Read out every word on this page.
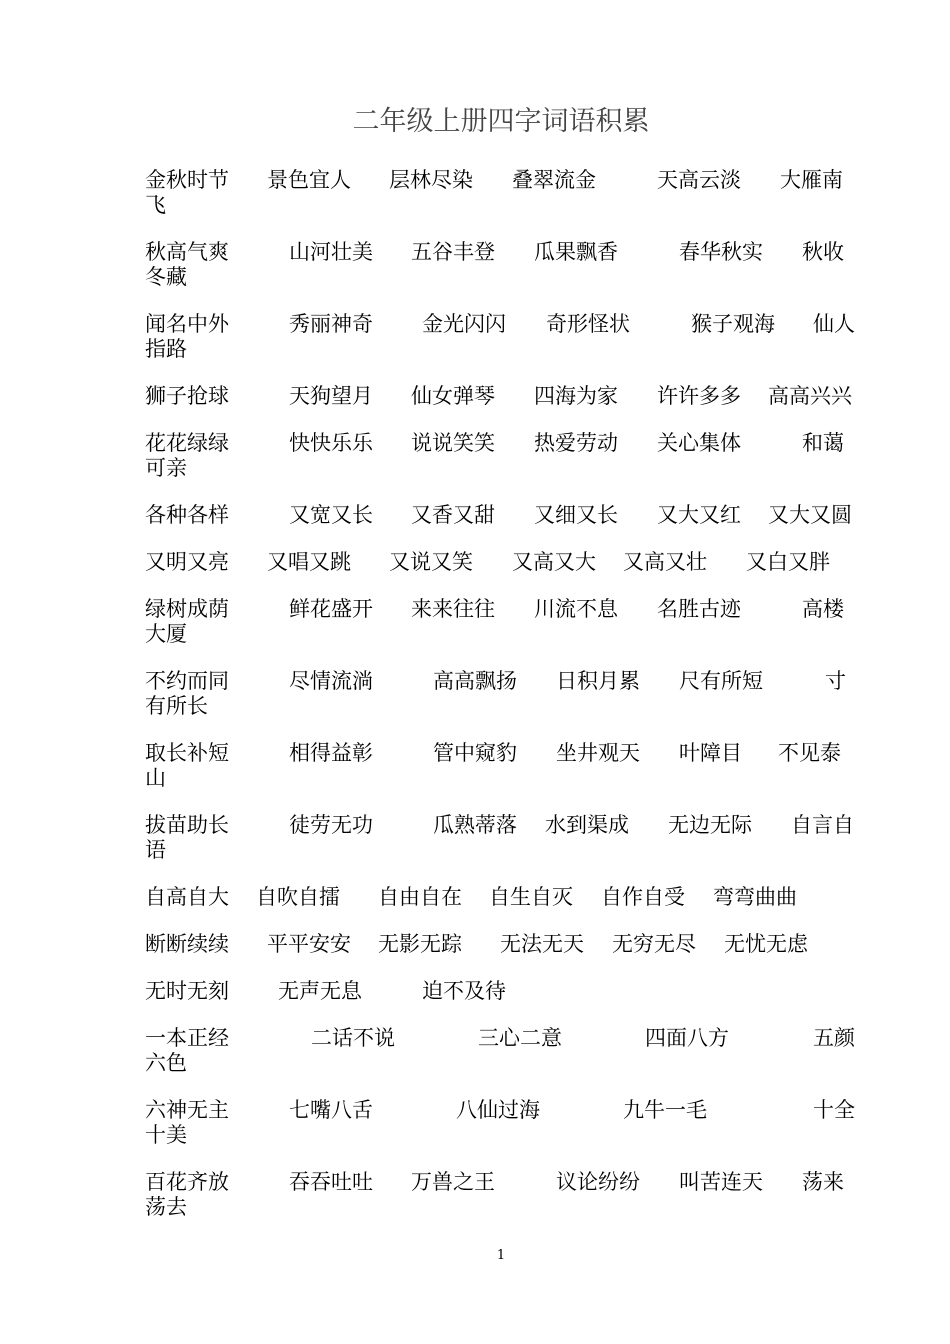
二年级上册四字词语积累
金秋时节 景色宜人 层林尽染 叠翠流金	天高云淡 大雁南
飞
秋高气爽	山河壮美 五谷丰登 瓜果飘香	春华秋实 秋收
冬藏
闻名中外	秀丽神奇 金光闪闪 奇形怪状	猴子观海 仙人
指路
狮子抢球	天狗望月 仙女弹琴 四海为家 许许多多 高高兴兴
花花绿绿	快快乐乐 说说笑笑 热爱劳动 关心集体	和蔼
可亲
各种各样	又宽又长 又香又甜 又细又长 又大又红 又大又圆
又明又亮 又唱又跳 又说又笑 又高又大 又高又壮 又白又胖
绿树成荫	鲜花盛开 来来往往 川流不息 名胜古迹	高楼
大厦
不约而同	尽情流淌	高高飘扬 日积月累 尺有所短	寸
有所长
取长补短	相得益彰	管中窥豹 坐井观天 叶障目 不见泰
山
拔苗助长	徒劳无功	瓜熟蒂落 水到渠成 无边无际 自言自
语
自高自大 自吹自擂 自由自在 自生自灭 自作自受 弯弯曲曲
断断续续 平平安安 无影无踪 无法无天 无穷无尽 无忧无虑
无时无刻 无声无息	迫不及待
一本正经	二话不说	三心二意	四面八方	五颜
六色
六神无主	七嘴八舌	八仙过海	九牛一毛	十全
十美
百花齐放	吞吞吐吐 万兽之王	议论纷纷 叫苦连天 荡来
荡去
1
